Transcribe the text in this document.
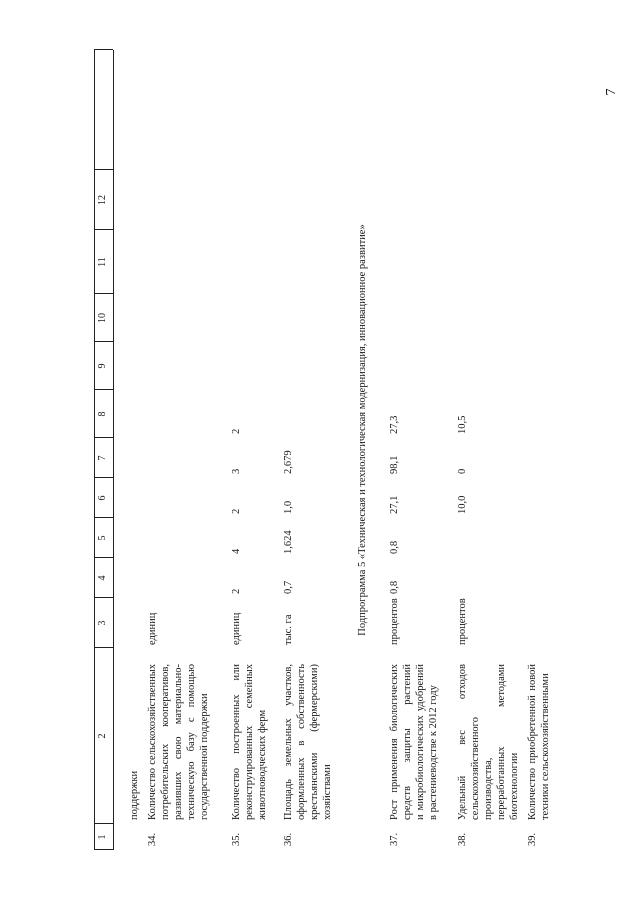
7
1
2
3
4
5
6
7
8
9
10
11
12
поддержки
34.
Количество сельскохозяйственных потребительских кооперативов, развивших свою материально- техническую базу с помощью государственной поддержки
единиц
35.
Количество построенных или реконструированных семейных животноводческих ферм
единиц
36.
Площадь земельных участков, оформленных в собственность крестьянскими (фермерскими) хозяйствами
тыс. га	Подпрограмма 5 «Техническая и технологическая модернизация, инновационное развитие»
37.
Рост применения биологических средств защиты растений и микробиологических удобрений в растениеводстве к 2012 году
процентов
38.
Удельный вес отходов сельскохозяйственного производства, переработанных методами биотехнологии
процентов
39.
Количество приобретенной новой техники сельскохозяйственными
2
4
2
3
2
0,7
1,624
1,0
2,679
0,8
0,8
27,1
98,1
27,3
10,0
0
10,5
